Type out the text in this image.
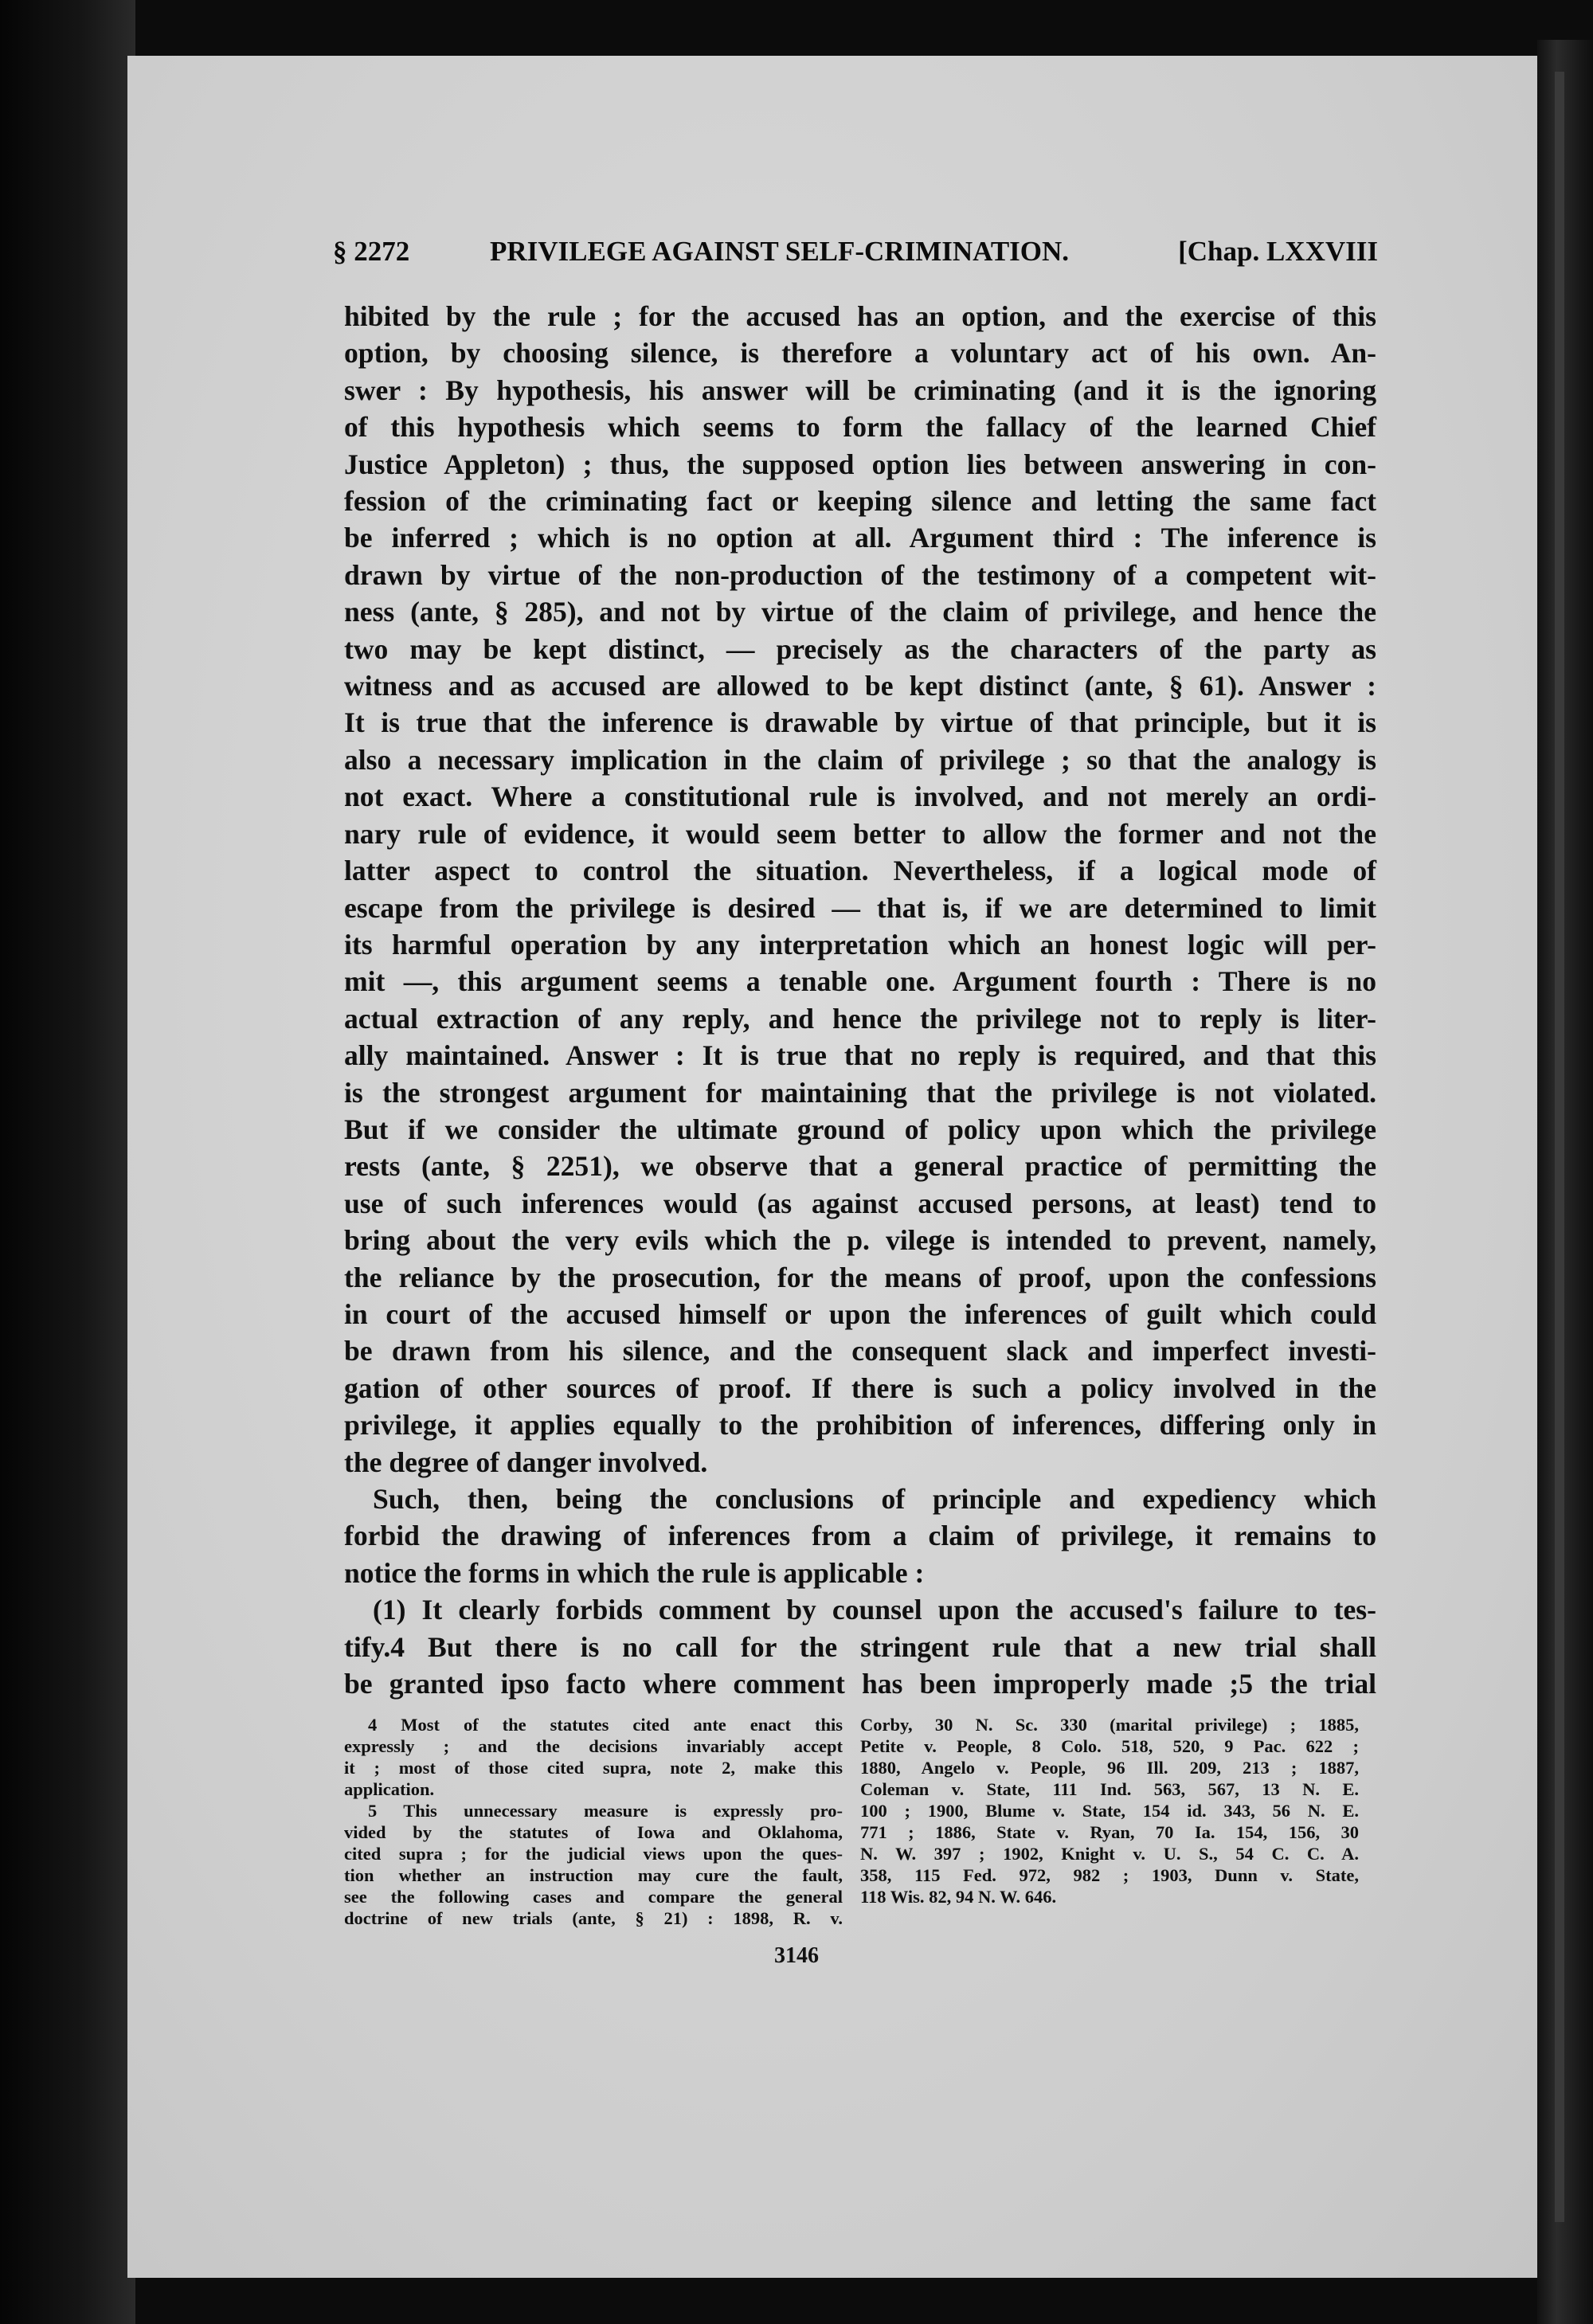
§ 2272	PRIVILEGE AGAINST SELF-CRIMINATION.	[Chap. LXXVIII

hibited by the rule ; for the accused has an option, and the exercise of this

option, by choosing silence, is therefore a voluntary act of his own. An-

swer : By hypothesis, his answer will be criminating (and it is the ignoring

of this hypothesis which seems to form the fallacy of the learned Chief

Justice Appleton) ; thus, the supposed option lies between answering in con-

fession of the criminating fact or keeping silence and letting the same fact

be inferred ; which is no option at all. Argument third : The inference is

drawn by virtue of the non-production of the testimony of a competent wit-

ness (ante, § 285), and not by virtue of the claim of privilege, and hence the

two may be kept distinct, — precisely as the characters of the party as

witness and as accused are allowed to be kept distinct (ante, § 61). Answer :

It is true that the inference is drawable by virtue of that principle, but it is

also a necessary implication in the claim of privilege ; so that the analogy is

not exact. Where a constitutional rule is involved, and not merely an ordi-

nary rule of evidence, it would seem better to allow the former and not the

latter aspect to control the situation. Nevertheless, if a logical mode of

escape from the privilege is desired — that is, if we are determined to limit

its harmful operation by any interpretation which an honest logic will per-

mit —, this argument seems a tenable one. Argument fourth : There is no

actual extraction of any reply, and hence the privilege not to reply is liter-

ally maintained. Answer : It is true that no reply is required, and that this

is the strongest argument for maintaining that the privilege is not violated.

But if we consider the ultimate ground of policy upon which the privilege

rests (ante, § 2251), we observe that a general practice of permitting the

use of such inferences would (as against accused persons, at least) tend to

bring about the very evils which the p. vilege is intended to prevent, namely,

the reliance by the prosecution, for the means of proof, upon the confessions

in court of the accused himself or upon the inferences of guilt which could

be drawn from his silence, and the consequent slack and imperfect investi-

gation of other sources of proof. If there is such a policy involved in the

privilege, it applies equally to the prohibition of inferences, differing only in

the degree of danger involved.

Such, then, being the conclusions of principle and expediency which

forbid the drawing of inferences from a claim of privilege, it remains to

notice the forms in which the rule is applicable :

(1) It clearly forbids comment by counsel upon the accused's failure to tes-

tify.4 But there is no call for the stringent rule that a new trial shall

be granted ipso facto where comment has been improperly made ;5 the trial

4 Most of the statutes cited ante enact this

expressly ; and the decisions invariably accept

it ; most of those cited supra, note 2, make this

application.

5 This unnecessary measure is expressly pro-

vided by the statutes of Iowa and Oklahoma,

cited supra ; for the judicial views upon the ques-

tion whether an instruction may cure the fault,

see the following cases and compare the general

doctrine of new trials (ante, § 21) : 1898, R. v.

Corby, 30 N. Sc. 330 (marital privilege) ; 1885,

Petite v. People, 8 Colo. 518, 520, 9 Pac. 622 ;

1880, Angelo v. People, 96 Ill. 209, 213 ; 1887,

Coleman v. State, 111 Ind. 563, 567, 13 N. E.

100 ; 1900, Blume v. State, 154 id. 343, 56 N. E.

771 ; 1886, State v. Ryan, 70 Ia. 154, 156, 30

N. W. 397 ; 1902, Knight v. U. S., 54 C. C. A.

358, 115 Fed. 972, 982 ; 1903, Dunn v. State,

118 Wis. 82, 94 N. W. 646.

3146
